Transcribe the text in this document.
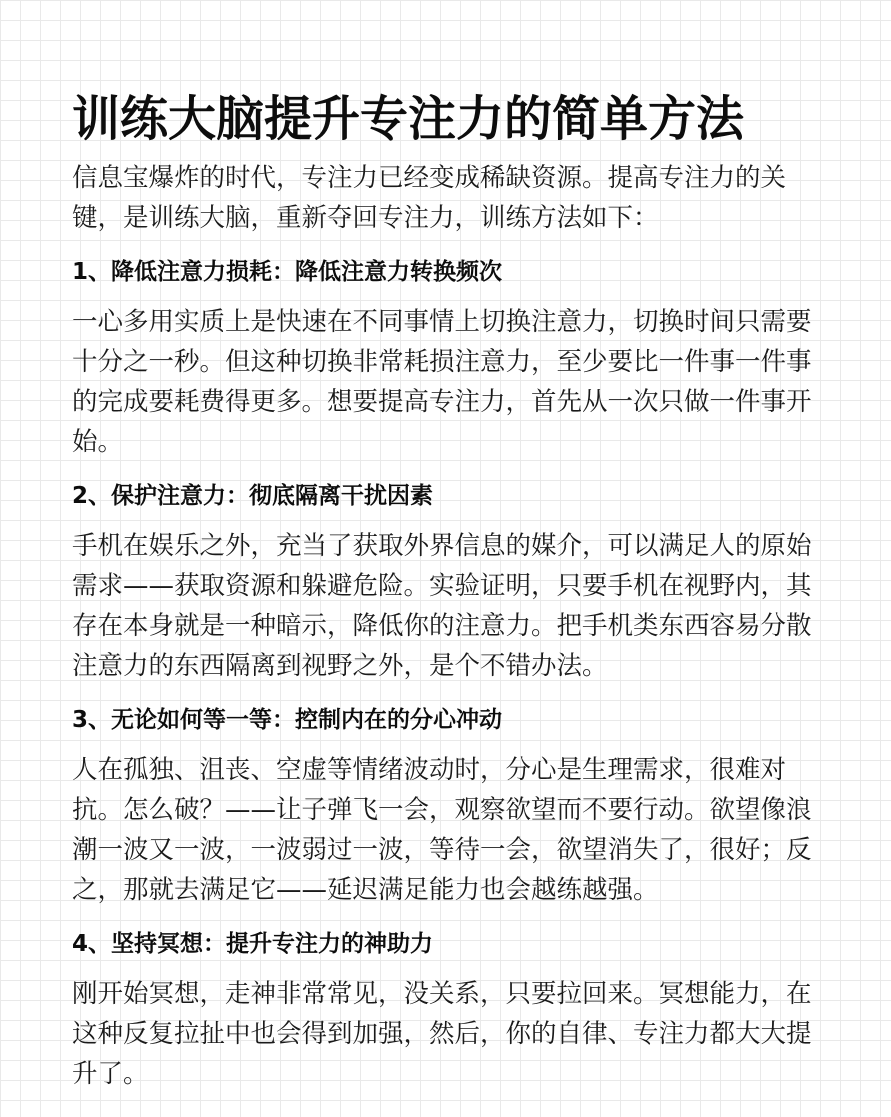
训练大脑提升专注力的简单方法

信息宝爆炸的时代，专注力已经变成稀缺资源。提高专注力的关键，是训练大脑，重新夺回专注力，训练方法如下：

1、降低注意力损耗：降低注意力转换频次

一心多用实质上是快速在不同事情上切换注意力，切换时间只需要十分之一秒。但这种切换非常耗损注意力，至少要比一件事一件事的完成要耗费得更多。想要提高专注力，首先从一次只做一件事开始。

2、保护注意力：彻底隔离干扰因素

手机在娱乐之外，充当了获取外界信息的媒介，可以满足人的原始需求——获取资源和躲避危险。实验证明，只要手机在视野内，其存在本身就是一种暗示，降低你的注意力。把手机类东西容易分散注意力的东西隔离到视野之外，是个不错办法。

3、无论如何等一等：控制内在的分心冲动

人在孤独、沮丧、空虚等情绪波动时，分心是生理需求，很难对抗。怎么破？——让子弹飞一会，观察欲望而不要行动。欲望像浪潮一波又一波，一波弱过一波，等待一会，欲望消失了，很好；反之，那就去满足它——延迟满足能力也会越练越强。

4、坚持冥想：提升专注力的神助力

刚开始冥想，走神非常常见，没关系，只要拉回来。冥想能力，在这种反复拉扯中也会得到加强，然后，你的自律、专注力都大大提升了。
